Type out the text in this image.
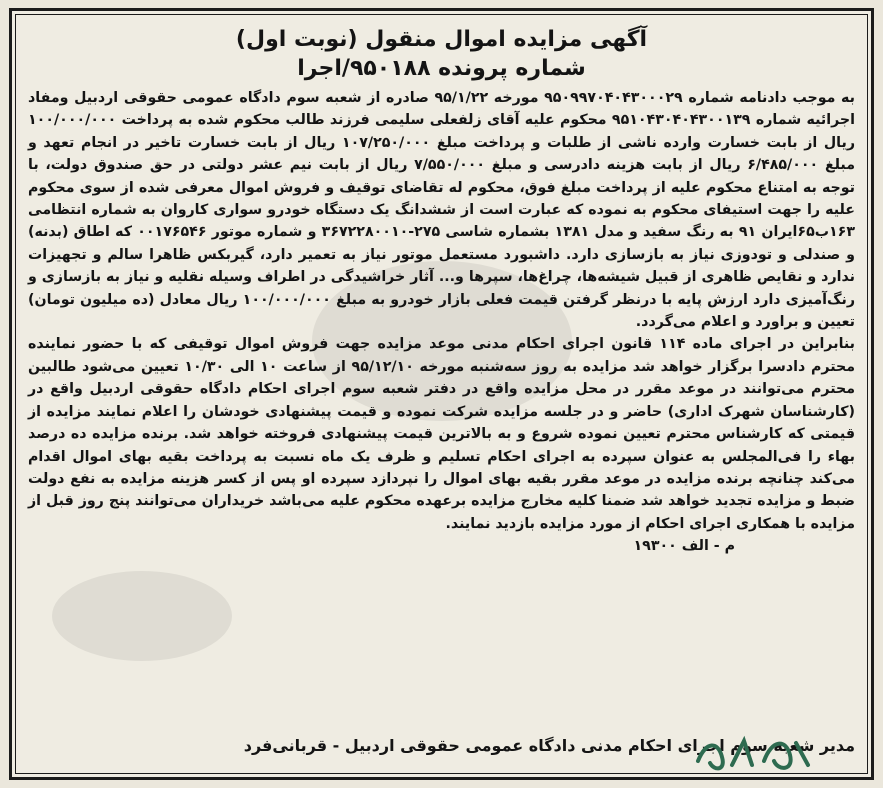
آگهی مزایده اموال منقول (نوبت اول)
شماره پرونده ۹۵۰۱۸۸/اجرا

به موجب دادنامه شماره ۹۵۰۹۹۷۰۴۰۴۳۰۰۰۲۹ مورخه ۹۵/۱/۲۲ صادره از شعبه سوم دادگاه عمومی حقوقی اردبیل ومفاد اجرائیه شماره ۹۵۱۰۴۳۰۴۰۴۳۰۰۱۳۹ محکوم علیه آقای زلفعلی سلیمی فرزند طالب محکوم شده به پرداخت ۱۰۰/۰۰۰/۰۰۰ ریال از بابت خسارت وارده ناشی از طلبات و پرداخت مبلغ ۱۰۷/۲۵۰/۰۰۰ ریال از بابت خسارت تاخیر در انجام تعهد و مبلغ ۶/۴۸۵/۰۰۰ ریال از بابت هزینه دادرسی و مبلغ ۷/۵۵۰/۰۰۰ ریال از بابت نیم عشر دولتی در حق صندوق دولت، با توجه به امتناع محکوم علیه از پرداخت مبلغ فوق، محکوم له تقاضای توقیف و فروش اموال معرفی شده از سوی محکوم علیه را جهت استیفای محکوم به نموده که عبارت است از ششدانگ یک دستگاه خودرو سواری کاروان به شماره انتظامی ۱۶۳ب۶۵ایران ۹۱ به رنگ سفید و مدل ۱۳۸۱ بشماره شاسی ۲۷۵-۳۶۷۲۲۸۰۰۱۰ و شماره موتور ۰۰۱۷۶۵۴۶ که اطاق (بدنه) و صندلی و تودوزی نیاز به بازسازی دارد. داشبورد مستعمل موتور نیاز به تعمیر دارد، گیربکس ظاهرا سالم و تجهیزات ندارد و نقایص ظاهری از قبیل شیشه‌ها، چراغ‌ها، سپرها و... آثار خراشیدگی در اطراف وسیله نقلیه و نیاز به بازسازی و رنگ‌آمیزی دارد ارزش پایه با درنظر گرفتن قیمت فعلی بازار خودرو به مبلغ ۱۰۰/۰۰۰/۰۰۰ ریال معادل (ده میلیون تومان) تعیین و براورد و اعلام می‌گردد.

بنابراین در اجرای ماده ۱۱۴ قانون اجرای احکام مدنی موعد مزایده جهت فروش اموال توقیفی که با حضور نماینده محترم دادسرا برگزار خواهد شد مزایده به روز سه‌شنبه مورخه ۹۵/۱۲/۱۰ از ساعت ۱۰ الی ۱۰/۳۰ تعیین می‌شود طالبین محترم می‌توانند در موعد مقرر در محل مزایده واقع در دفتر شعبه سوم اجرای احکام دادگاه حقوقی اردبیل واقع در (کارشناسان شهرک اداری) حاضر و در جلسه مزایده شرکت نموده و قیمت پیشنهادی خودشان را اعلام نمایند مزایده از قیمتی که کارشناس محترم تعیین نموده شروع و به بالاترین قیمت پیشنهادی فروخته خواهد شد. برنده مزایده ده درصد بهاء را فی‌المجلس به عنوان سپرده به اجرای احکام تسلیم و ظرف یک ماه نسبت به پرداخت بقیه بهای اموال اقدام می‌کند چنانچه برنده مزایده در موعد مقرر بقیه بهای اموال را نپردازد سپرده او پس از کسر هزینه مزایده به نفع دولت ضبط و مزایده تجدید خواهد شد ضمنا کلیه مخارج مزایده برعهده محکوم علیه می‌باشد خریداران می‌توانند پنج روز قبل از مزایده با همکاری اجرای احکام از مورد مزایده بازدید نمایند.

م - الف ۱۹۳۰۰

مدیر شعبه سوم اجرای احکام مدنی دادگاه عمومی حقوقی اردبیل - قربانی‌فرد
